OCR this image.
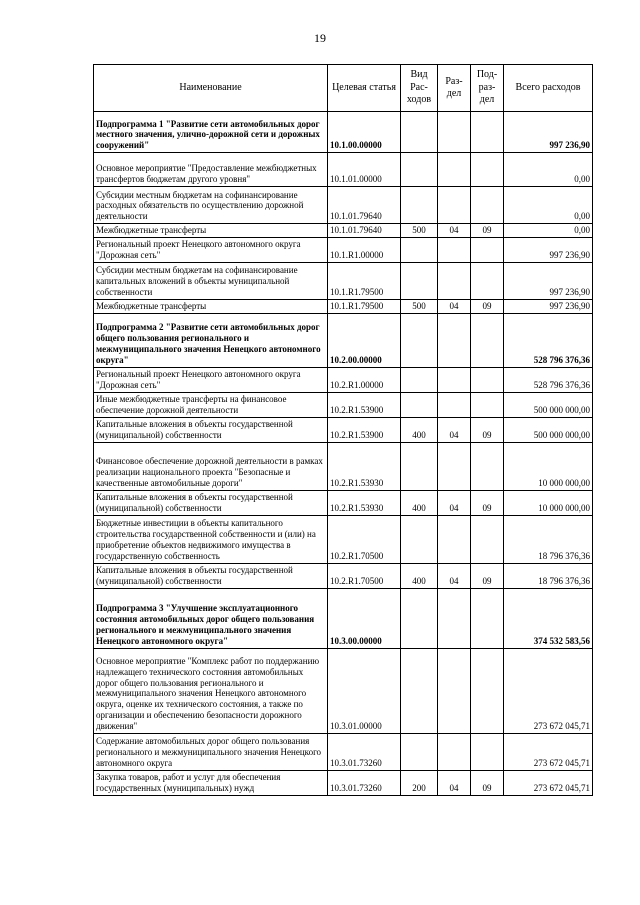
19
Наименование	Целевая статья	Вид Рас- ходов	Раз- дел	Под- раз- дел	Всего расходов
Подпрограмма 1 "Развитие сети автомобильных дорог местного значения, улично-дорожной сети и дорожных сооружений"	10.1.00.00000				997 236,90
Основное мероприятие "Предоставление межбюджетных трансфертов бюджетам другого уровня"	10.1.01.00000				0,00
Субсидии местным бюджетам на софинансирование расходных обязательств по осуществлению дорожной деятельности	10.1.01.79640				0,00
Межбюджетные трансферты	10.1.01.79640	500	04	09	0,00
Региональный проект Ненецкого автономного округа "Дорожная сеть"	10.1.R1.00000				997 236,90
Субсидии местным бюджетам на софинансирование капитальных вложений в объекты муниципальной собственности	10.1.R1.79500				997 236,90
Межбюджетные трансферты	10.1.R1.79500	500	04	09	997 236,90
Подпрограмма 2 "Развитие сети автомобильных дорог общего пользования регионального и межмуниципального значения Ненецкого автономного округа"	10.2.00.00000				528 796 376,36
Региональный проект Ненецкого автономного округа "Дорожная сеть"	10.2.R1.00000				528 796 376,36
Иные межбюджетные трансферты на финансовое обеспечение дорожной деятельности	10.2.R1.53900				500 000 000,00
Капитальные вложения в объекты государственной (муниципальной) собственности	10.2.R1.53900	400	04	09	500 000 000,00
Финансовое обеспечение дорожной деятельности в рамках реализации национального проекта "Безопасные и качественные автомобильные дороги"	10.2.R1.53930				10 000 000,00
Капитальные вложения в объекты государственной (муниципальной) собственности	10.2.R1.53930	400	04	09	10 000 000,00
Бюджетные инвестиции в объекты капитального строительства государственной собственности и (или) на приобретение объектов недвижимого имущества в государственную собственность	10.2.R1.70500				18 796 376,36
Капитальные вложения в объекты государственной (муниципальной) собственности	10.2.R1.70500	400	04	09	18 796 376,36
Подпрограмма 3 "Улучшение эксплуатационного состояния автомобильных дорог общего пользования регионального и межмуниципального значения Ненецкого автономного округа"	10.3.00.00000				374 532 583,56
Основное мероприятие "Комплекс работ по поддержанию надлежащего технического состояния автомобильных дорог общего пользования регионального и межмуниципального значения Ненецкого автономного округа, оценке их технического состояния, а также по организации и обеспечению безопасности дорожного движения"	10.3.01.00000				273 672 045,71
Содержание автомобильных дорог общего пользования регионального и межмуниципального значения Ненецкого автономного округа	10.3.01.73260				273 672 045,71
Закупка товаров, работ и услуг для обеспечения государственных (муниципальных) нужд	10.3.01.73260	200	04	09	273 672 045,71
